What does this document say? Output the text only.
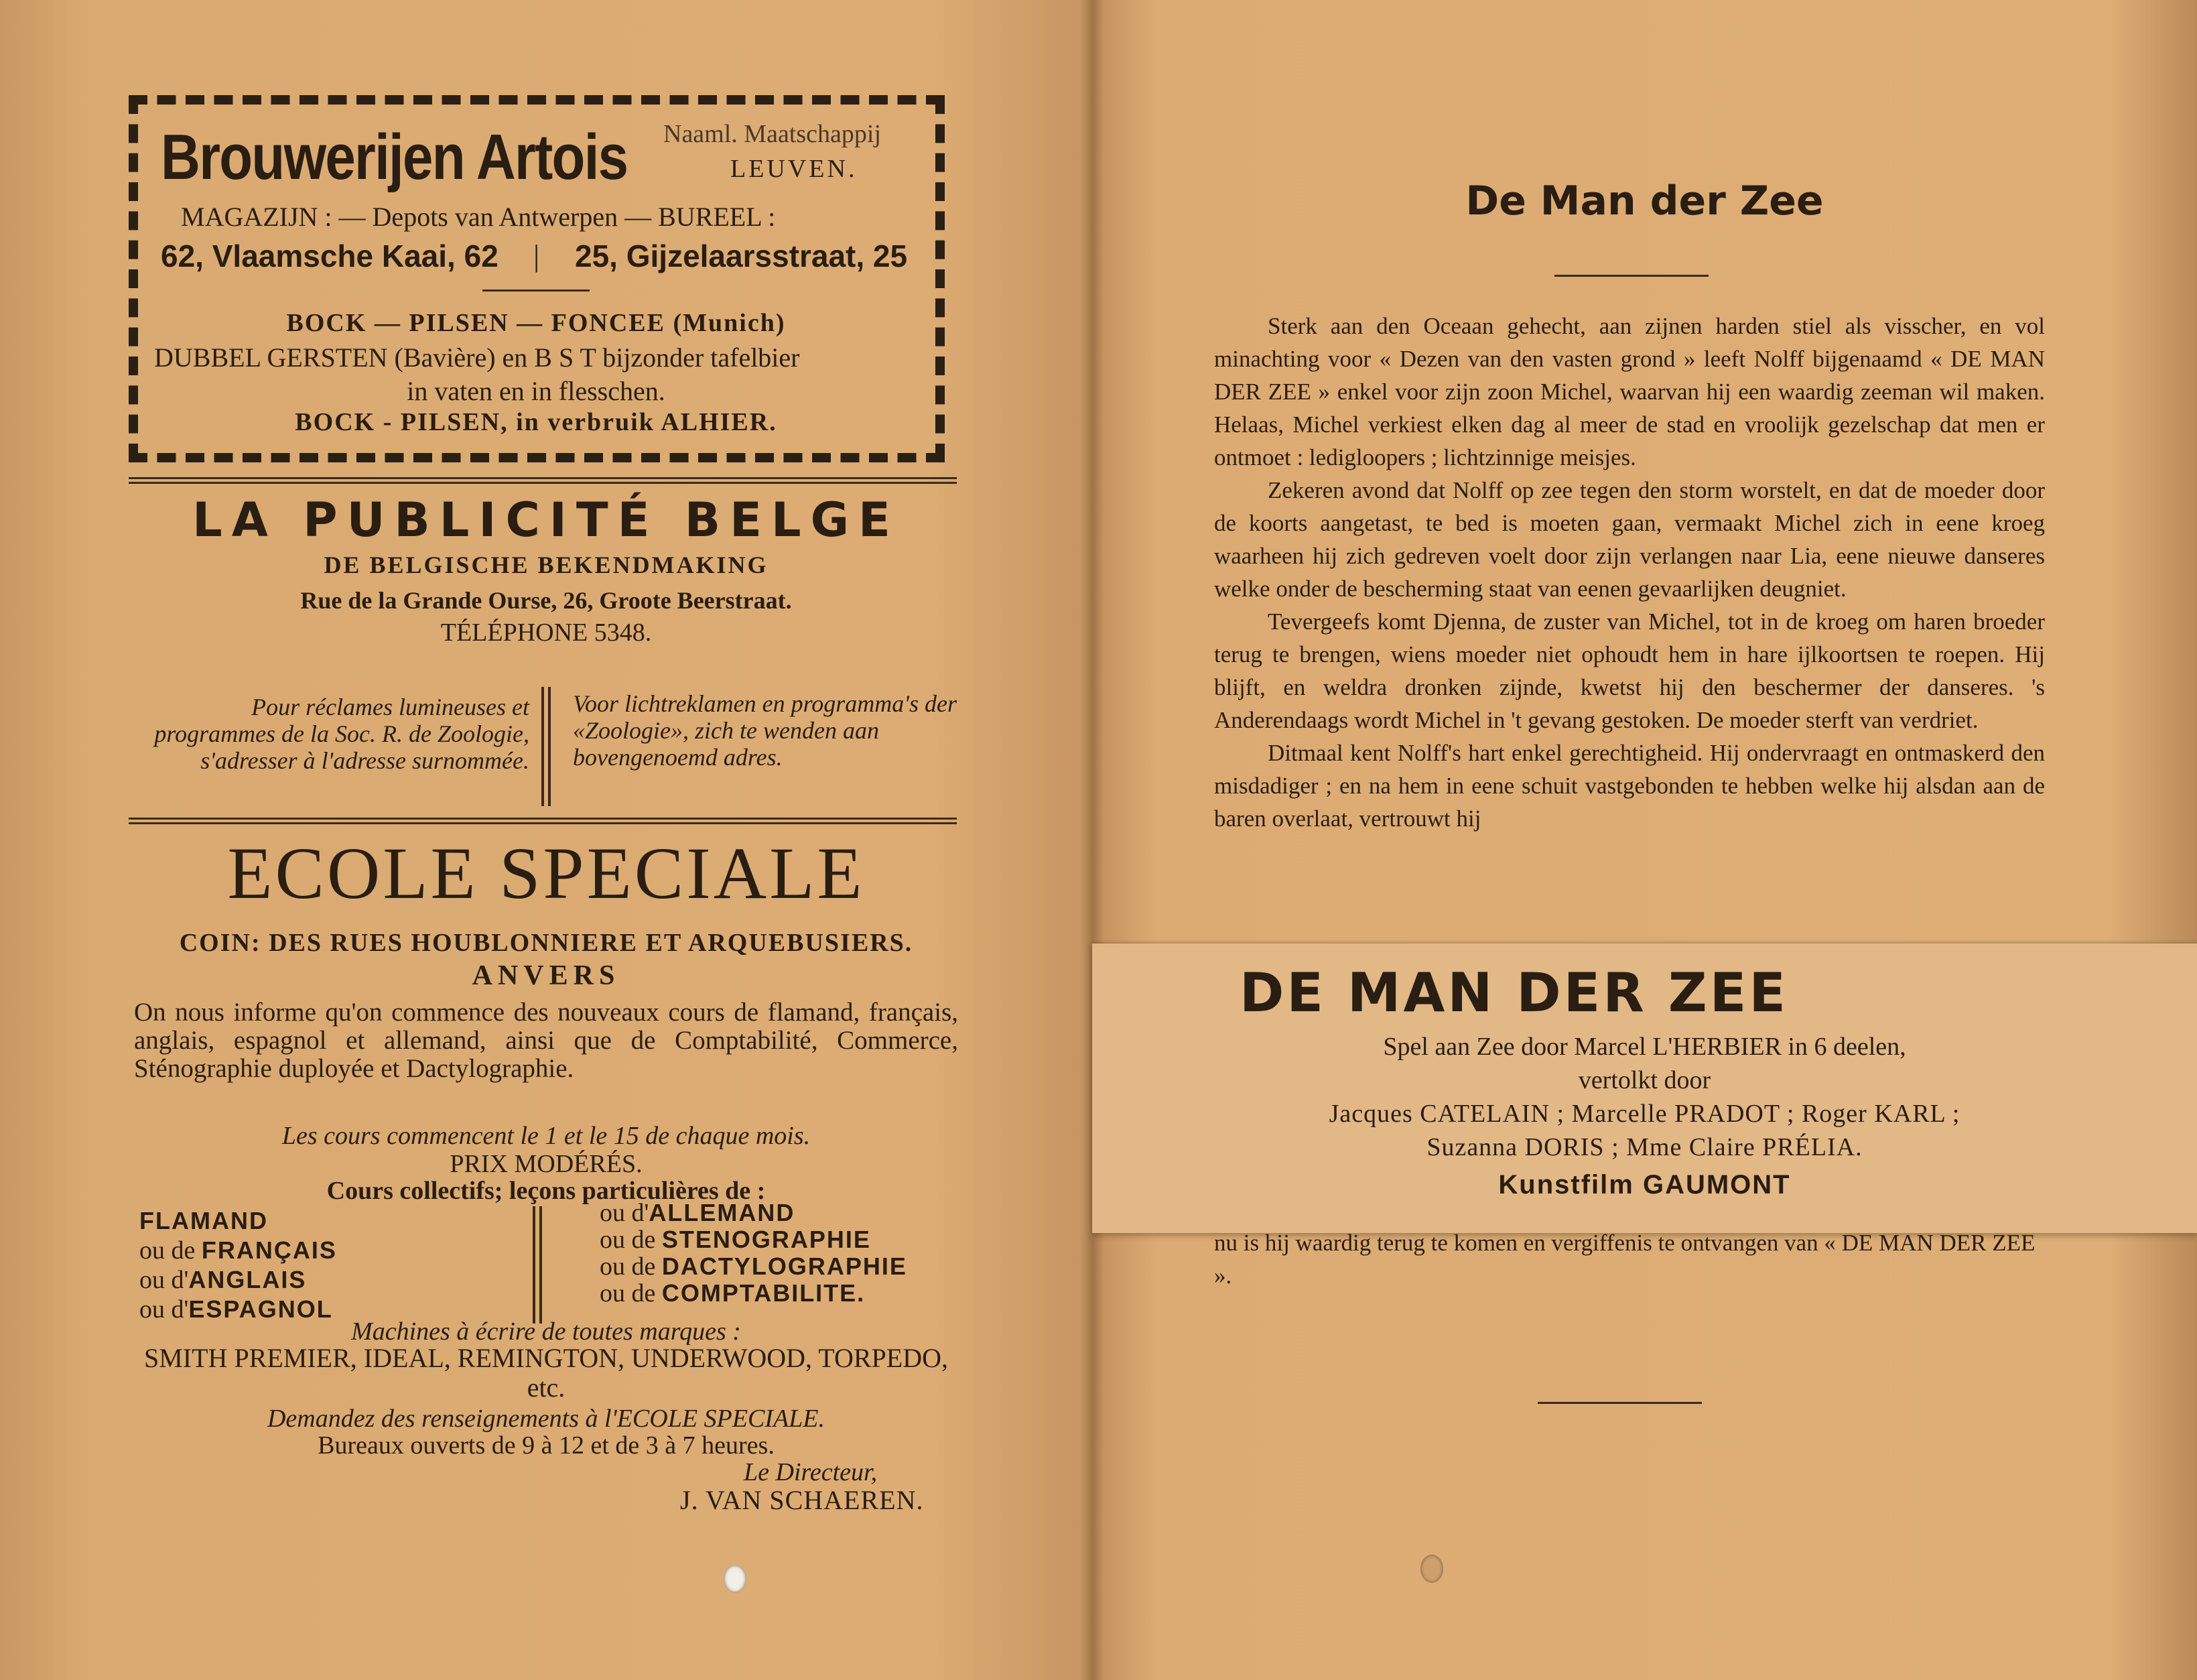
Brouwerijen Artois Naaml. Maatschappij
LEUVEN.
MAGAZIJN : — Depots van Antwerpen — BUREEL :
62, Vlaamsche Kaai, 62 | 25, Gijzelaarsstraat, 25
BOCK — PILSEN — FONCEE (Munich)
DUBBEL GERSTEN (Bavière) en B S T bijzonder tafelbier
in vaten en in flesschen.
BOCK - PILSEN, in verbruik ALHIER.
LA PUBLICITÉ BELGE
DE BELGISCHE BEKENDMAKING
Rue de la Grande Ourse, 26, Groote Beerstraat.
TÉLÉPHONE 5348.
Pour réclames lumineuses et programmes de la Soc. R. de Zoologie, s'adresser à l'adresse surnommée.
Voor lichtreklamen en programma's der «Zoologie», zich te wenden aan bovengenoemd adres.
ECOLE SPECIALE
COIN: DES RUES HOUBLONNIERE ET ARQUEBUSIERS.
ANVERS
On nous informe qu'on commence des nouveaux cours de flamand, français, anglais, espagnol et allemand, ainsi que de Comptabilité, Commerce, Sténographie duployée et Dactylographie.
Les cours commencent le 1 et le 15 de chaque mois.
PRIX MODÉRÉS.
Cours collectifs; leçons particulières de :
FLAMAND
ou de FRANÇAIS
ou d'ANGLAIS
ou d'ESPAGNOL
ou d'ALLEMAND
ou de STENOGRAPHIE
ou de DACTYLOGRAPHIE
ou de COMPTABILITE.
Machines à écrire de toutes marques :
SMITH PREMIER, IDEAL, REMINGTON, UNDERWOOD, TORPEDO, etc.
Demandez des renseignements à l'ECOLE SPECIALE.
Bureaux ouverts de 9 à 12 et de 3 à 7 heures.
Le Directeur,
J. VAN SCHAEREN.
De Man der Zee

Sterk aan den Oceaan gehecht, aan zijnen harden stiel als visscher, en vol minachting voor « Dezen van den vasten grond » leeft Nolff bijgenaamd « DE MAN DER ZEE » enkel voor zijn zoon Michel, waarvan hij een waardig zeeman wil maken. Helaas, Michel verkiest elken dag al meer de stad en vroolijk gezelschap dat men er ontmoet : ledigloopers ; lichtzinnige meisjes.

Zekeren avond dat Nolff op zee tegen den storm worstelt, en dat de moeder door de koorts aangetast, te bed is moeten gaan, vermaakt Michel zich in eene kroeg waarheen hij zich gedreven voelt door zijn verlangen naar Lia, eene nieuwe danseres welke onder de bescherming staat van eenen gevaarlijken deugniet.

Tevergeefs komt Djenna, de zuster van Michel, tot in de kroeg om haren broeder terug te brengen, wiens moeder niet ophoudt hem in hare ijlkoortsen te roepen. Hij blijft, en weldra dronken zijnde, kwetst hij den beschermer der danseres. 's Anderendaags wordt Michel in 't gevang gestoken. De moeder sterft van verdriet.

Ditmaal kent Nolff's hart enkel gerechtigheid. Hij ondervraagt en ontmaskerd den misdadiger ; en na hem in eene schuit vastgebonden te hebben welke hij alsdan aan de baren overlaat, vertrouwt hij

DE MAN DER ZEE
Spel aan Zee door Marcel L'HERBIER in 6 deelen,
vertolkt door
Jacques CATELAIN ; Marcelle PRADOT ; Roger KARL ;
Suzanna DORIS ; Mme Claire PRÉLIA.
Kunstfilm GAUMONT
nu is hij waardig terug te komen en vergiffenis te ontvangen van « DE MAN DER ZEE ».
